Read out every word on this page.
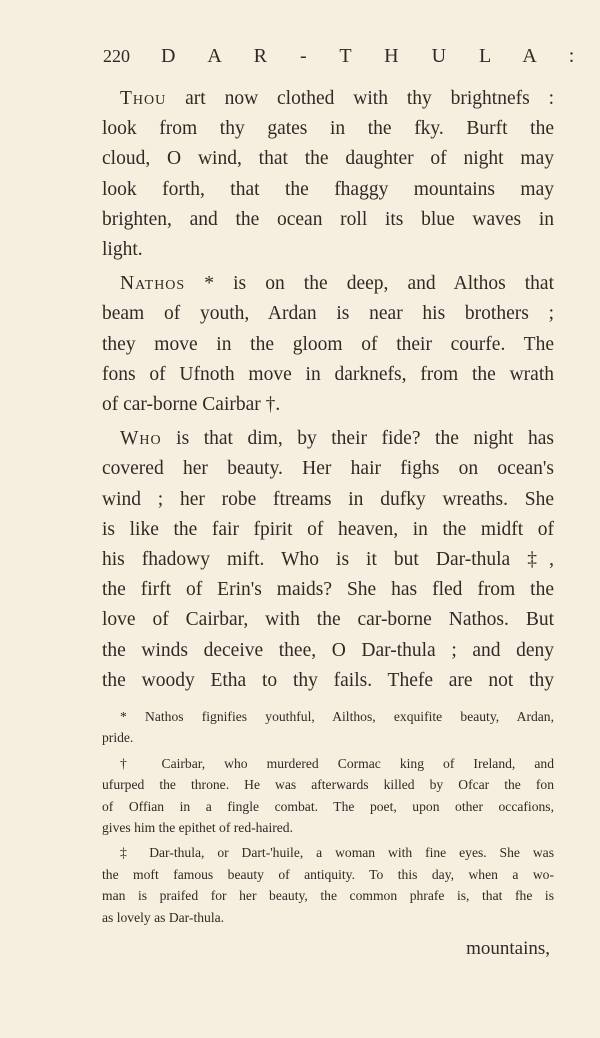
220 D A R - T H U L A :
Thou art now clothed with thy brightnefs :
look from thy gates in the fky. Burft the
cloud, O wind, that the daughter of night may
look forth, that the fhaggy mountains may
brighten, and the ocean roll its blue waves in
light.
Nathos * is on the deep, and Althos that
beam of youth, Ardan is near his brothers ;
they move in the gloom of their courfe. The
fons of Ufnoth move in darknefs, from the wrath
of car-borne Cairbar †.
Who is that dim, by their fide? the night has
covered her beauty. Her hair fighs on ocean's
wind ; her robe ftreams in dufky wreaths. She
is like the fair fpirit of heaven, in the midft of
his fhadowy mift. Who is it but Dar-thula ‡,
the firft of Erin's maids? She has fled from the
love of Cairbar, with the car-borne Nathos. But
the winds deceive thee, O Dar-thula ; and deny
the woody Etha to thy fails. Thefe are not thy
* Nathos fignifies youthful, Ailthos, exquifite beauty, Ardan,
pride.
† Cairbar, who murdered Cormac king of Ireland, and
ufurped the throne. He was afterwards killed by Ofcar the fon
of Offian in a fingle combat. The poet, upon other occafions,
gives him the epithet of red-haired.
‡ Dar-thula, or Dart-'huile, a woman with fine eyes. She was
the moft famous beauty of antiquity. To this day, when a wo-
man is praifed for her beauty, the common phrafe is, that fhe is
as lovely as Dar-thula.
mountains,
